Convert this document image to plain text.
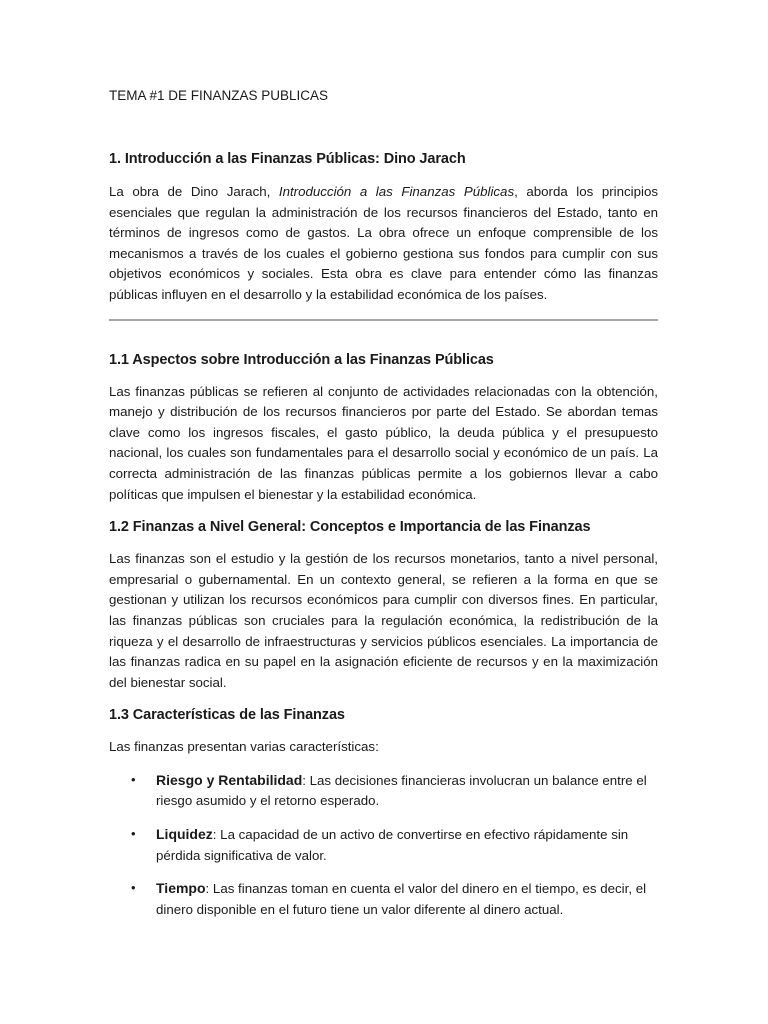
TEMA #1 DE FINANZAS PUBLICAS
1. Introducción a las Finanzas Públicas: Dino Jarach

La obra de Dino Jarach, Introducción a las Finanzas Públicas, aborda los principios esenciales que regulan la administración de los recursos financieros del Estado, tanto en términos de ingresos como de gastos. La obra ofrece un enfoque comprensible de los mecanismos a través de los cuales el gobierno gestiona sus fondos para cumplir con sus objetivos económicos y sociales. Esta obra es clave para entender cómo las finanzas públicas influyen en el desarrollo y la estabilidad económica de los países.

1.1 Aspectos sobre Introducción a las Finanzas Públicas

Las finanzas públicas se refieren al conjunto de actividades relacionadas con la obtención, manejo y distribución de los recursos financieros por parte del Estado. Se abordan temas clave como los ingresos fiscales, el gasto público, la deuda pública y el presupuesto nacional, los cuales son fundamentales para el desarrollo social y económico de un país. La correcta administración de las finanzas públicas permite a los gobiernos llevar a cabo políticas que impulsen el bienestar y la estabilidad económica.

1.2 Finanzas a Nivel General: Conceptos e Importancia de las Finanzas

Las finanzas son el estudio y la gestión de los recursos monetarios, tanto a nivel personal, empresarial o gubernamental. En un contexto general, se refieren a la forma en que se gestionan y utilizan los recursos económicos para cumplir con diversos fines. En particular, las finanzas públicas son cruciales para la regulación económica, la redistribución de la riqueza y el desarrollo de infraestructuras y servicios públicos esenciales. La importancia de las finanzas radica en su papel en la asignación eficiente de recursos y en la maximización del bienestar social.

1.3 Características de las Finanzas

Las finanzas presentan varias características:

• Riesgo y Rentabilidad: Las decisiones financieras involucran un balance entre el riesgo asumido y el retorno esperado.
• Liquidez: La capacidad de un activo de convertirse en efectivo rápidamente sin pérdida significativa de valor.
• Tiempo: Las finanzas toman en cuenta el valor del dinero en el tiempo, es decir, el dinero disponible en el futuro tiene un valor diferente al dinero actual.
